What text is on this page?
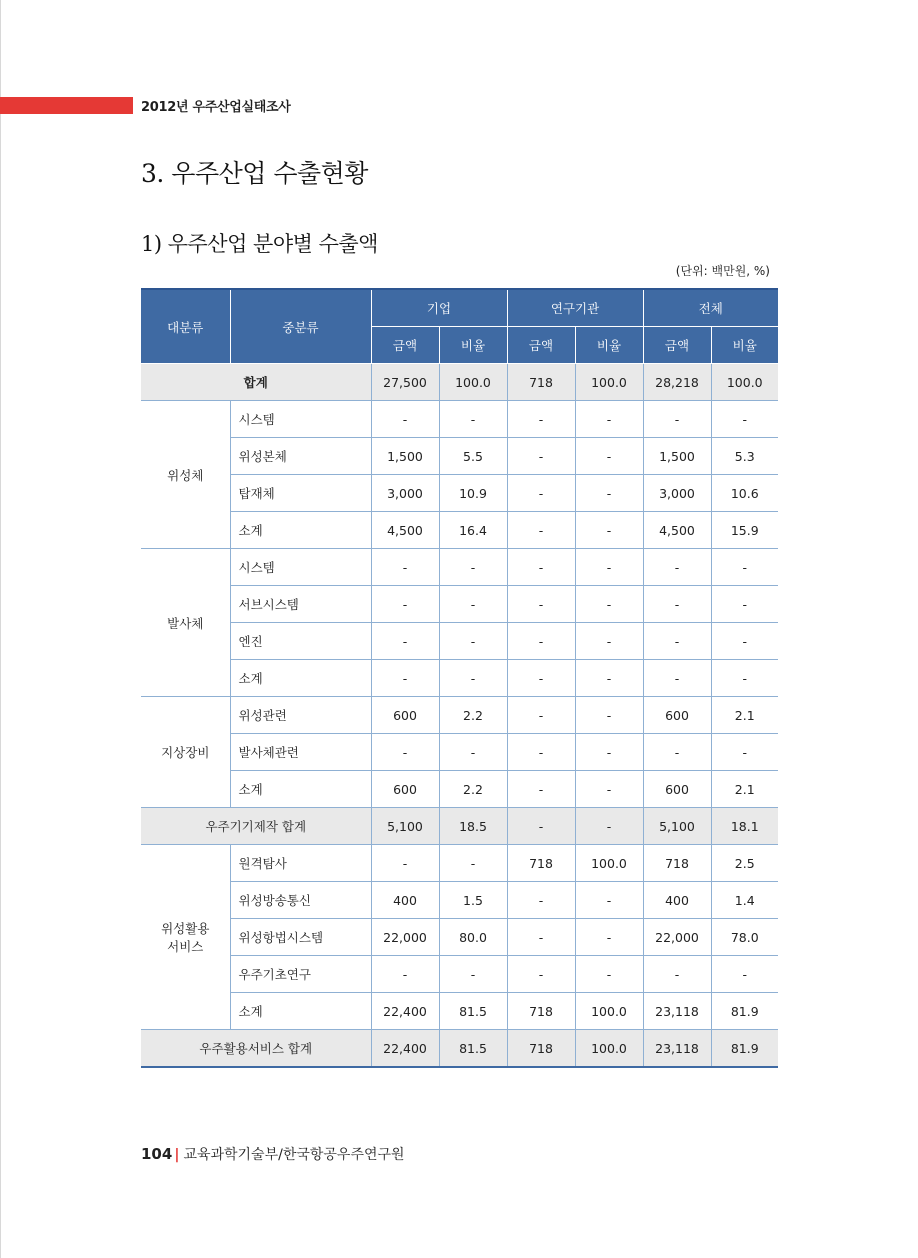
2012년 우주산업실태조사
3. 우주산업 수출현황
1) 우주산업 분야별 수출액
(단위: 백만원, %)
대분류	중분류	기업		연구기관		전체	
		금액	비율	금액	비율	금액	비율
합계		27,500	100.0	718	100.0	28,218	100.0
위성체	시스템	-	-	-	-	-	-
	위성본체	1,500	5.5	-	-	1,500	5.3
	탑재체	3,000	10.9	-	-	3,000	10.6
	소계	4,500	16.4	-	-	4,500	15.9
발사체	시스템	-	-	-	-	-	-
	서브시스템	-	-	-	-	-	-
	엔진	-	-	-	-	-	-
	소계	-	-	-	-	-	-
지상장비	위성관련	600	2.2	-	-	600	2.1
	발사체관련	-	-	-	-	-	-
	소계	600	2.2	-	-	600	2.1
우주기기제작 합계		5,100	18.5	-	-	5,100	18.1

위성활용
서비스	원격탐사	-	-	718	100.0	718	2.5
	위성방송통신	400	1.5	-	-	400	1.4
	위성항법시스템	22,000	80.0	-	-	22,000	78.0
	우주기초연구	-	-	-	-	-	-
	소계	22,400	81.5	718	100.0	23,118	81.9
우주활용서비스 합계		22,400	81.5	718	100.0	23,118	81.9
104 | 교육과학기술부/한국항공우주연구원
